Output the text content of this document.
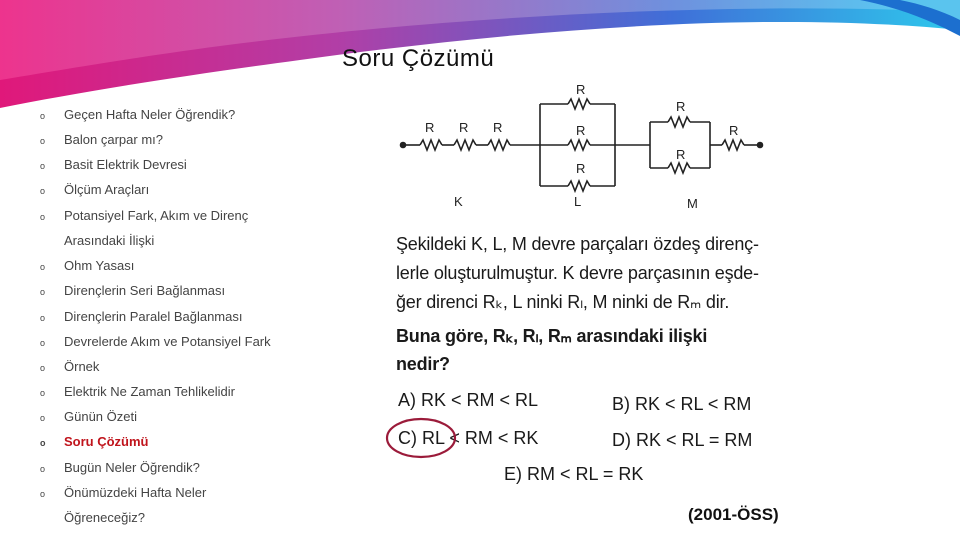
Soru Çözümü
o Geçen Hafta Neler Öğrendik?
o Balon çarpar mı?
o Basit Elektrik Devresi
o Ölçüm Araçları
o Potansiyel Fark, Akım ve Direnç
Arasındaki İlişki
o Ohm Yasası
o Dirençlerin Seri Bağlanması
o Dirençlerin Paralel Bağlanması
o Devrelerde Akım ve Potansiyel Fark
o Örnek
o Elektrik Ne Zaman Tehlikelidir
o Günün Özeti
o Soru Çözümü
o Bugün Neler Öğrendik?
o Önümüzdeki Hafta Neler
Öğreneceğiz?
R R R
R
R
R
R
R
R
K	L	M
Şekildeki K, L, M devre parçaları özdeş direnç-
lerle oluşturulmuştur. K devre parçasının eşde-
ğer direnci Rₖ, L ninki Rₗ, M ninki de Rₘ dir.
Buna göre, Rₖ, Rₗ, Rₘ arasındaki ilişki
nedir?
A) RK < RM < RL	B) RK < RL < RM
C) RL < RM < RK	D) RK < RL = RM
E) RM < RL = RK
(2001-ÖSS)
